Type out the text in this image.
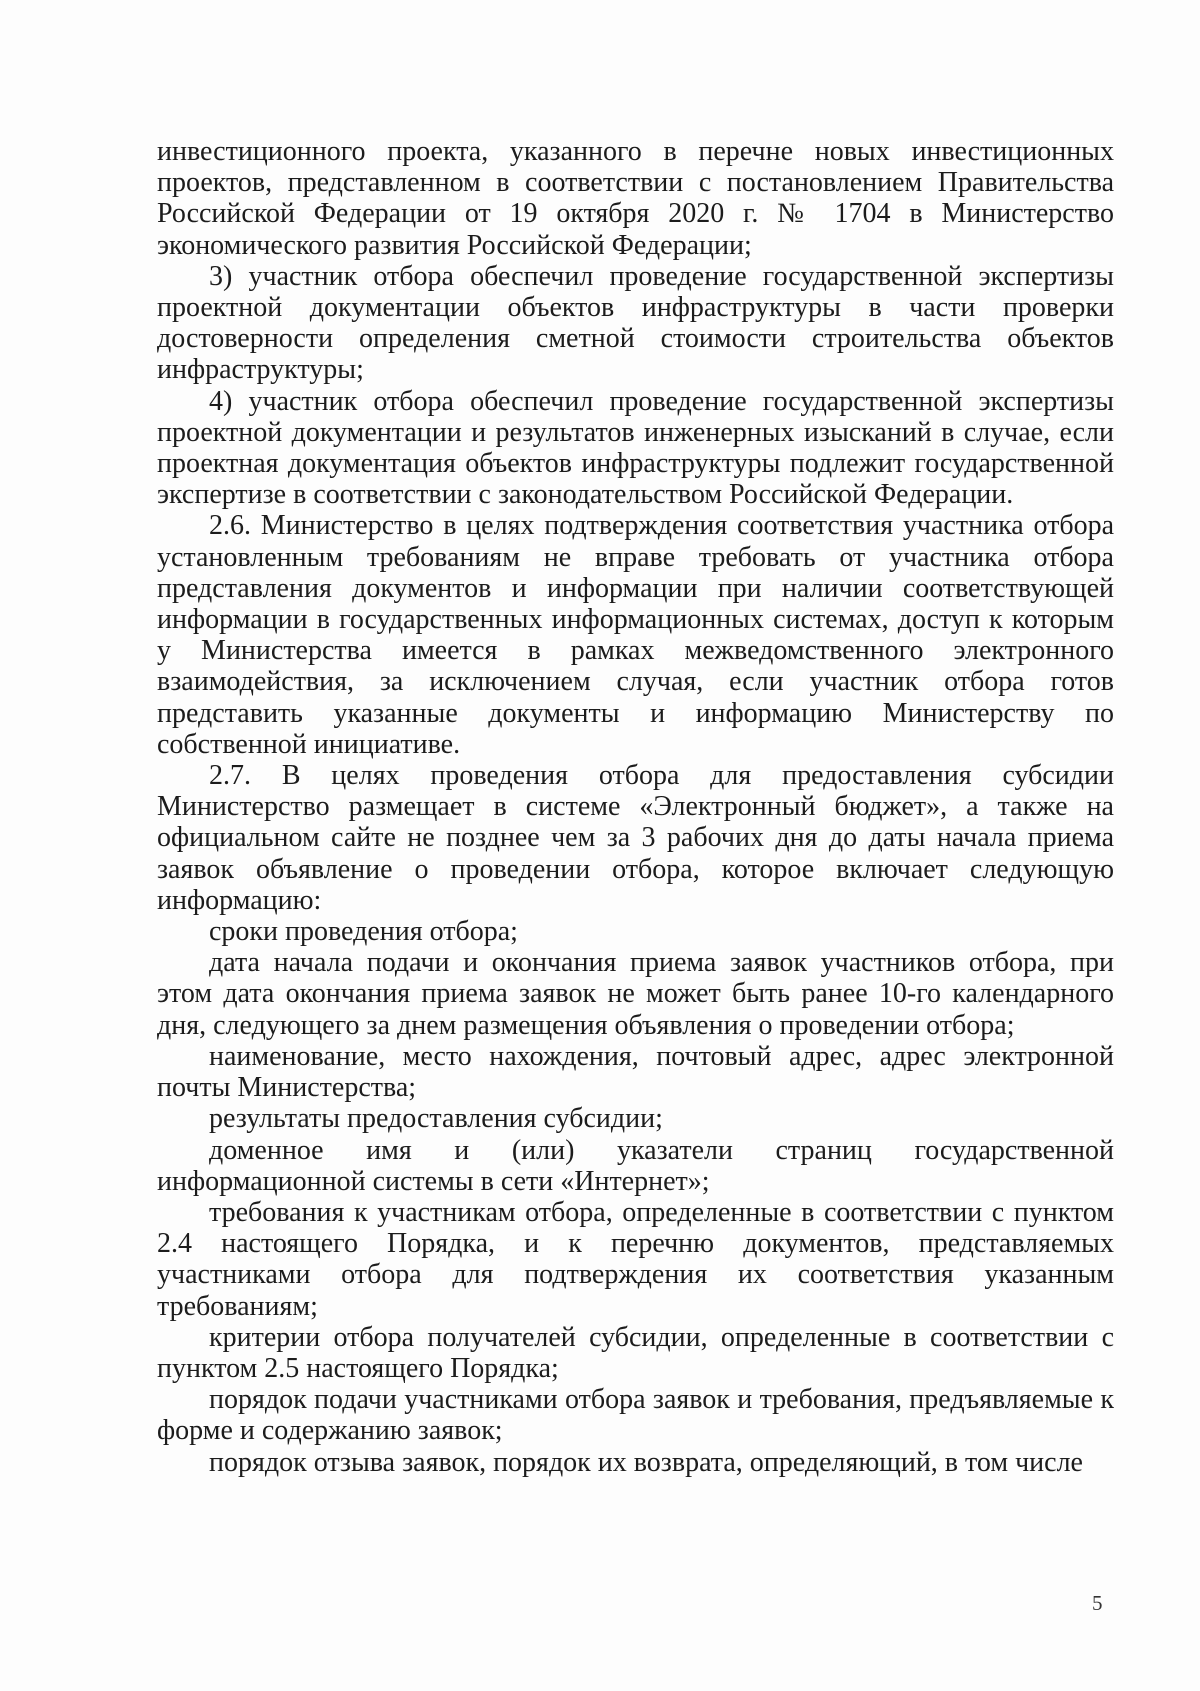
инвестиционного проекта, указанного в перечне новых инвестиционных проектов, представленном в соответствии с постановлением Правительства Российской Федерации от 19 октября 2020 г. № 1704 в Министерство экономического развития Российской Федерации;

3) участник отбора обеспечил проведение государственной экспертизы проектной документации объектов инфраструктуры в части проверки достоверности определения сметной стоимости строительства объектов инфраструктуры;

4) участник отбора обеспечил проведение государственной экспертизы проектной документации и результатов инженерных изысканий в случае, если проектная документация объектов инфраструктуры подлежит государственной экспертизе в соответствии с законодательством Российской Федерации.

2.6. Министерство в целях подтверждения соответствия участника отбора установленным требованиям не вправе требовать от участника отбора представления документов и информации при наличии соответствующей информации в государственных информационных системах, доступ к которым у Министерства имеется в рамках межведомственного электронного взаимодействия, за исключением случая, если участник отбора готов представить указанные документы и информацию Министерству по собственной инициативе.

2.7. В целях проведения отбора для предоставления субсидии Министерство размещает в системе «Электронный бюджет», а также на официальном сайте не позднее чем за 3 рабочих дня до даты начала приема заявок объявление о проведении отбора, которое включает следующую информацию:

сроки проведения отбора;

дата начала подачи и окончания приема заявок участников отбора, при этом дата окончания приема заявок не может быть ранее 10-го календарного дня, следующего за днем размещения объявления о проведении отбора;

наименование, место нахождения, почтовый адрес, адрес электронной почты Министерства;

результаты предоставления субсидии;

доменное имя и (или) указатели страниц государственной информационной системы в сети «Интернет»;

требования к участникам отбора, определенные в соответствии с пунктом 2.4 настоящего Порядка, и к перечню документов, представляемых участниками отбора для подтверждения их соответствия указанным требованиям;

критерии отбора получателей субсидии, определенные в соответствии с пунктом 2.5 настоящего Порядка;

порядок подачи участниками отбора заявок и требования, предъявляемые к форме и содержанию заявок;

порядок отзыва заявок, порядок их возврата, определяющий, в том числе

5
